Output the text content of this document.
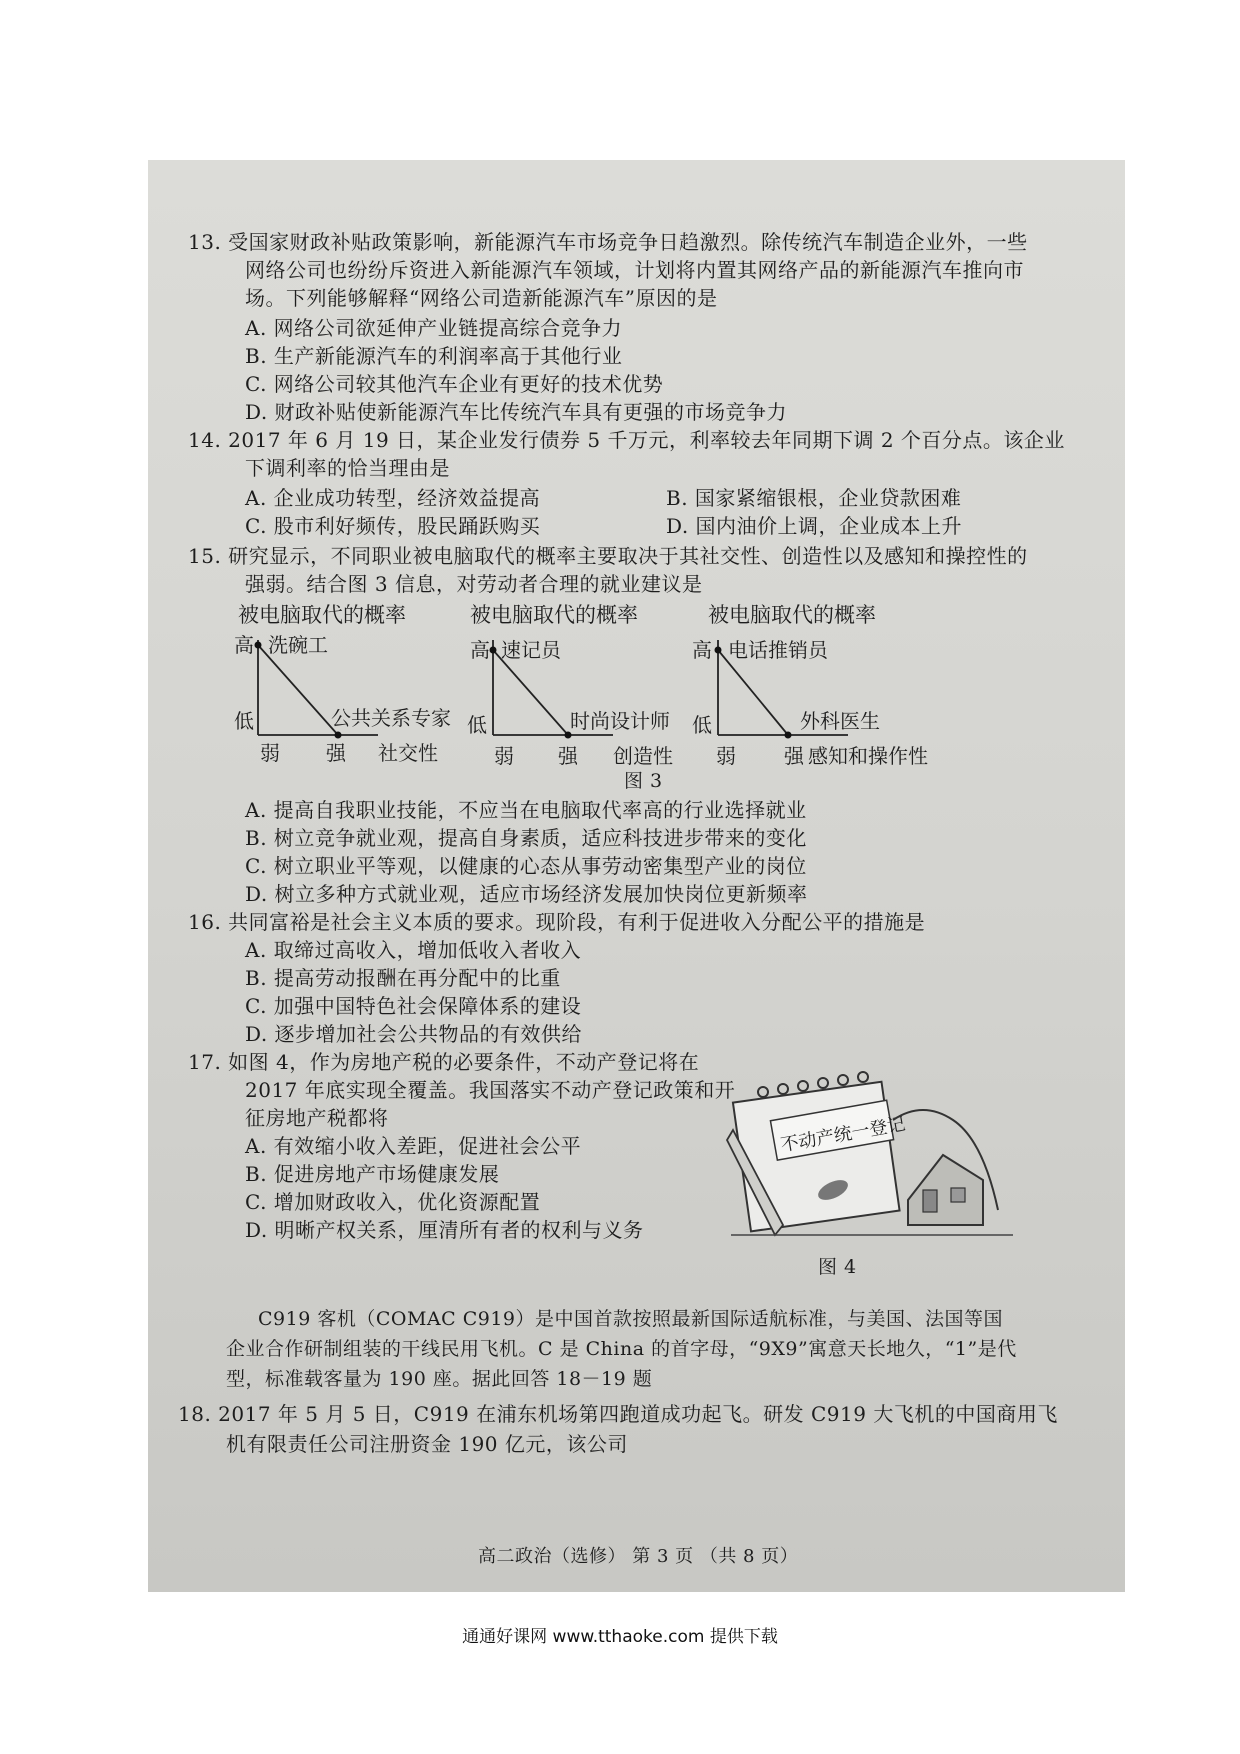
13. 受国家财政补贴政策影响，新能源汽车市场竞争日趋激烈。除传统汽车制造企业外，一些
网络公司也纷纷斥资进入新能源汽车领域，计划将内置其网络产品的新能源汽车推向市
场。下列能够解释“网络公司造新能源汽车”原因的是
A. 网络公司欲延伸产业链提高综合竞争力
B. 生产新能源汽车的利润率高于其他行业
C. 网络公司较其他汽车企业有更好的技术优势
D. 财政补贴使新能源汽车比传统汽车具有更强的市场竞争力
14. 2017 年 6 月 19 日，某企业发行债券 5 千万元，利率较去年同期下调 2 个百分点。该企业
下调利率的恰当理由是
A. 企业成功转型，经济效益提高	B. 国家紧缩银根，企业贷款困难
C. 股市利好频传，股民踊跃购买	D. 国内油价上调，企业成本上升
15. 研究显示，不同职业被电脑取代的概率主要取决于其社交性、创造性以及感知和操控性的
强弱。结合图 3 信息，对劳动者合理的就业建议是
被电脑取代的概率
高
低
洗碗工
公共关系专家
弱 强 社交性
被电脑取代的概率
高
低
速记员
时尚设计师
弱 强 创造性
被电脑取代的概率
高
低
电话推销员
外科医生
弱 强 感知和操作性
图 3
A. 提高自我职业技能，不应当在电脑取代率高的行业选择就业
B. 树立竞争就业观，提高自身素质，适应科技进步带来的变化
C. 树立职业平等观，以健康的心态从事劳动密集型产业的岗位
D. 树立多种方式就业观，适应市场经济发展加快岗位更新频率
16. 共同富裕是社会主义本质的要求。现阶段，有利于促进收入分配公平的措施是
A. 取缔过高收入，增加低收入者收入
B. 提高劳动报酬在再分配中的比重
C. 加强中国特色社会保障体系的建设
D. 逐步增加社会公共物品的有效供给
17. 如图 4，作为房地产税的必要条件，不动产登记将在
2017 年底实现全覆盖。我国落实不动产登记政策和开
征房地产税都将
A. 有效缩小收入差距，促进社会公平
B. 促进房地产市场健康发展
C. 增加财政收入，优化资源配置
D. 明晰产权关系，厘清所有者的权利与义务
不动产统一登记
图 4
C919 客机（COMAC C919）是中国首款按照最新国际适航标准，与美国、法国等国
企业合作研制组装的干线民用飞机。C 是 China 的首字母，“9X9”寓意天长地久，“1”是代
型，标准载客量为 190 座。据此回答 18－19 题
18. 2017 年 5 月 5 日，C919 在浦东机场第四跑道成功起飞。研发 C919 大飞机的中国商用飞
机有限责任公司注册资金 190 亿元，该公司
高二政治（选修） 第 3 页 （共 8 页）
通通好课网 www.tthaoke.com 提供下载
